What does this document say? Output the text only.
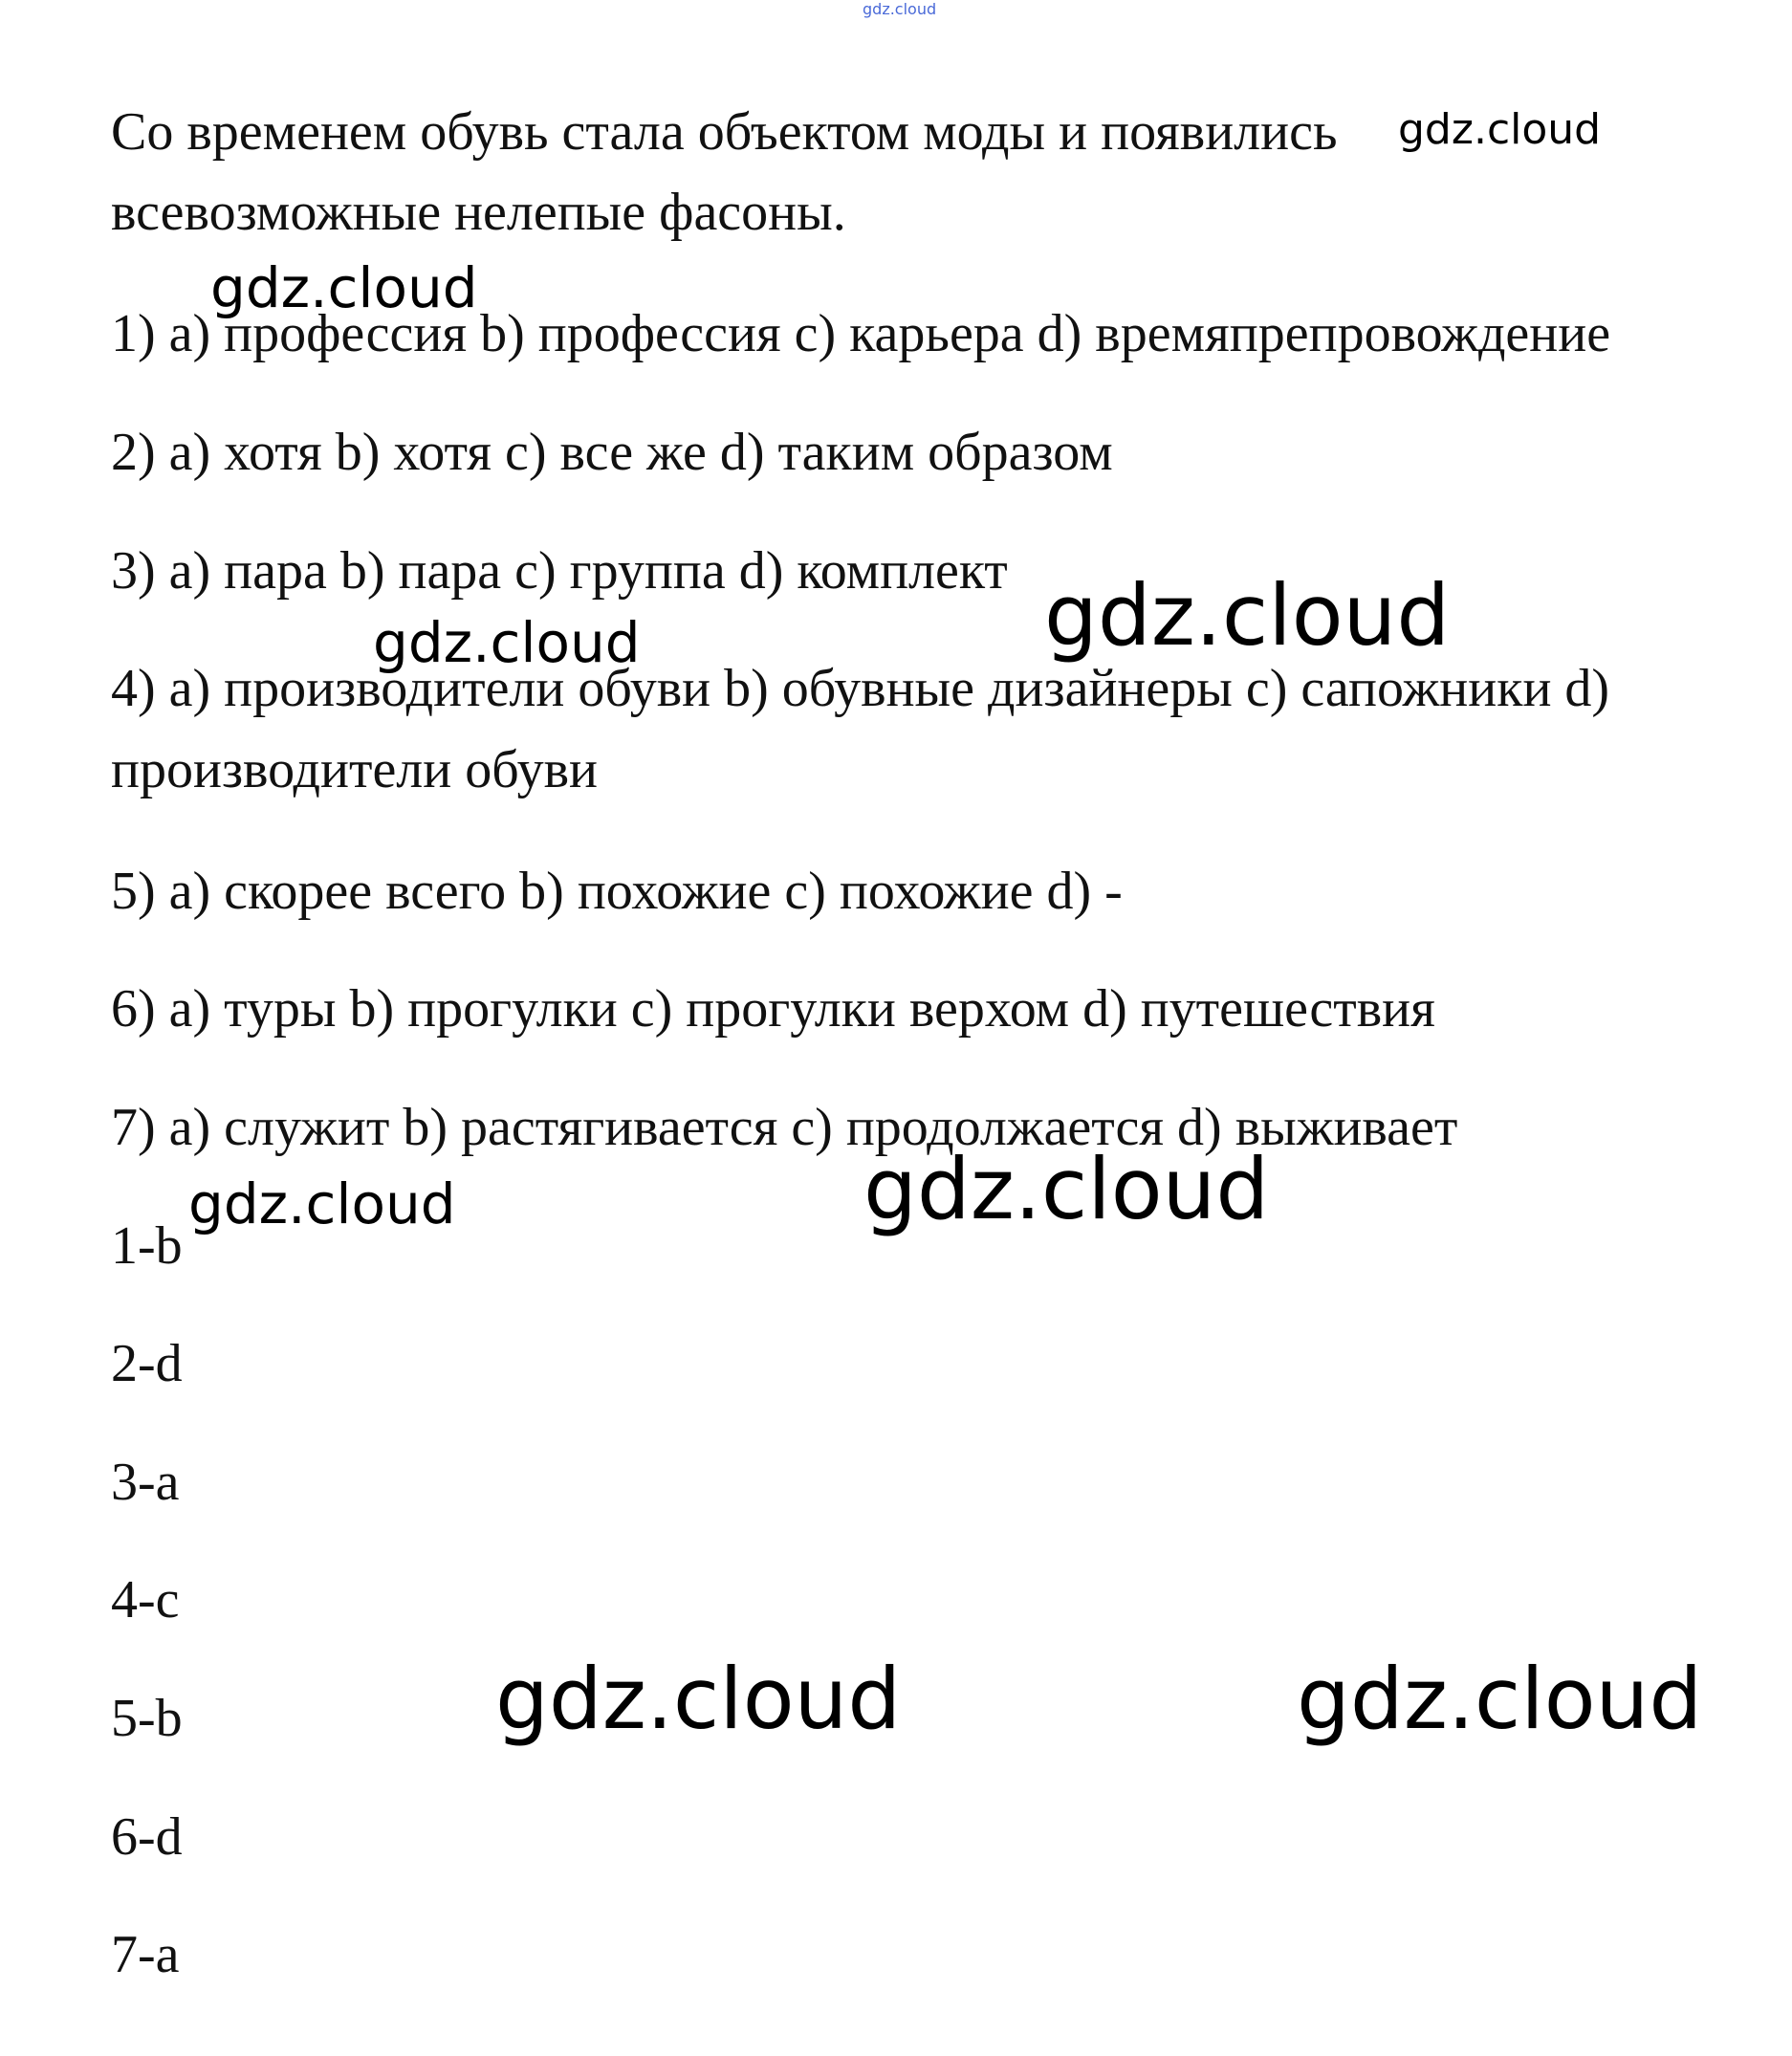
gdz.cloud
Со временем обувь стала объектом моды и появились
всевозможные нелепые фасоны.
1) a) профессия b) профессия c) карьера d) времяпрепровождение
2) a) хотя b) хотя c) все же d) таким образом
3) a) пара b) пара c) группа d) комплект
4) a) производители обуви b) обувные дизайнеры c) сапожники d)
производители обуви
5) a) скорее всего b) похожие c) похожие d) -
6) a) туры b) прогулки c) прогулки верхом d) путешествия
7) a) служит b) растягивается c) продолжается d) выживает
1-b
2-d
3-a
4-c
5-b
6-d
7-a
gdz.cloud
gdz.cloud
gdz.cloud
gdz.cloud
gdz.cloud	gdz.cloud
gdz.cloud	gdz.cloud
